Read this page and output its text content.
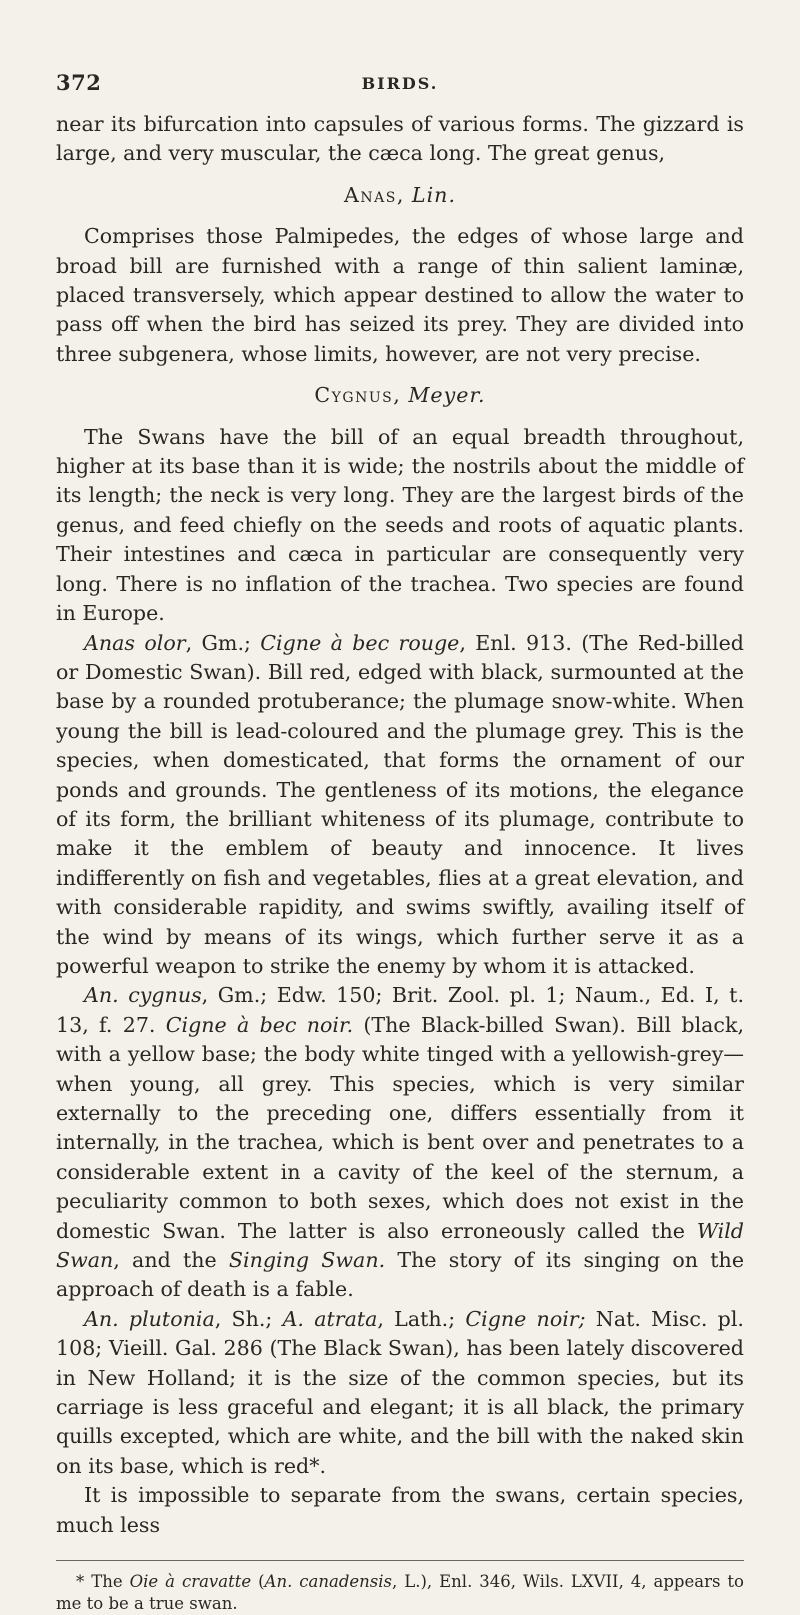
372	BIRDS.

near its bifurcation into capsules of various forms. The gizzard is large, and very muscular, the cæca long. The great genus,

Anas, Lin.

Comprises those Palmipedes, the edges of whose large and broad bill are furnished with a range of thin salient laminæ, placed transversely, which appear destined to allow the water to pass off when the bird has seized its prey. They are divided into three subgenera, whose limits, however, are not very precise.

Cygnus, Meyer.

The Swans have the bill of an equal breadth throughout, higher at its base than it is wide; the nostrils about the middle of its length; the neck is very long. They are the largest birds of the genus, and feed chiefly on the seeds and roots of aquatic plants. Their intestines and cæca in particular are consequently very long. There is no inflation of the trachea. Two species are found in Europe.

Anas olor, Gm.; Cigne à bec rouge, Enl. 913. (The Red-billed or Domestic Swan). Bill red, edged with black, surmounted at the base by a rounded protuberance; the plumage snow-white. When young the bill is lead-coloured and the plumage grey. This is the species, when domesticated, that forms the ornament of our ponds and grounds. The gentleness of its motions, the elegance of its form, the brilliant whiteness of its plumage, contribute to make it the emblem of beauty and innocence. It lives indifferently on fish and vegetables, flies at a great elevation, and with considerable rapidity, and swims swiftly, availing itself of the wind by means of its wings, which further serve it as a powerful weapon to strike the enemy by whom it is attacked.

An. cygnus, Gm.; Edw. 150; Brit. Zool. pl. 1; Naum., Ed. I, t. 13, f. 27. Cigne à bec noir. (The Black-billed Swan). Bill black, with a yellow base; the body white tinged with a yellowish-grey—when young, all grey. This species, which is very similar externally to the preceding one, differs essentially from it internally, in the trachea, which is bent over and penetrates to a considerable extent in a cavity of the keel of the sternum, a peculiarity common to both sexes, which does not exist in the domestic Swan. The latter is also erroneously called the Wild Swan, and the Singing Swan. The story of its singing on the approach of death is a fable.

An. plutonia, Sh.; A. atrata, Lath.; Cigne noir; Nat. Misc. pl. 108; Vieill. Gal. 286 (The Black Swan), has been lately discovered in New Holland; it is the size of the common species, but its carriage is less graceful and elegant; it is all black, the primary quills excepted, which are white, and the bill with the naked skin on its base, which is red*.

It is impossible to separate from the swans, certain species, much less

* The Oie à cravatte (An. canadensis, L.), Enl. 346, Wils. LXVII, 4, appears to me to be a true swan.
